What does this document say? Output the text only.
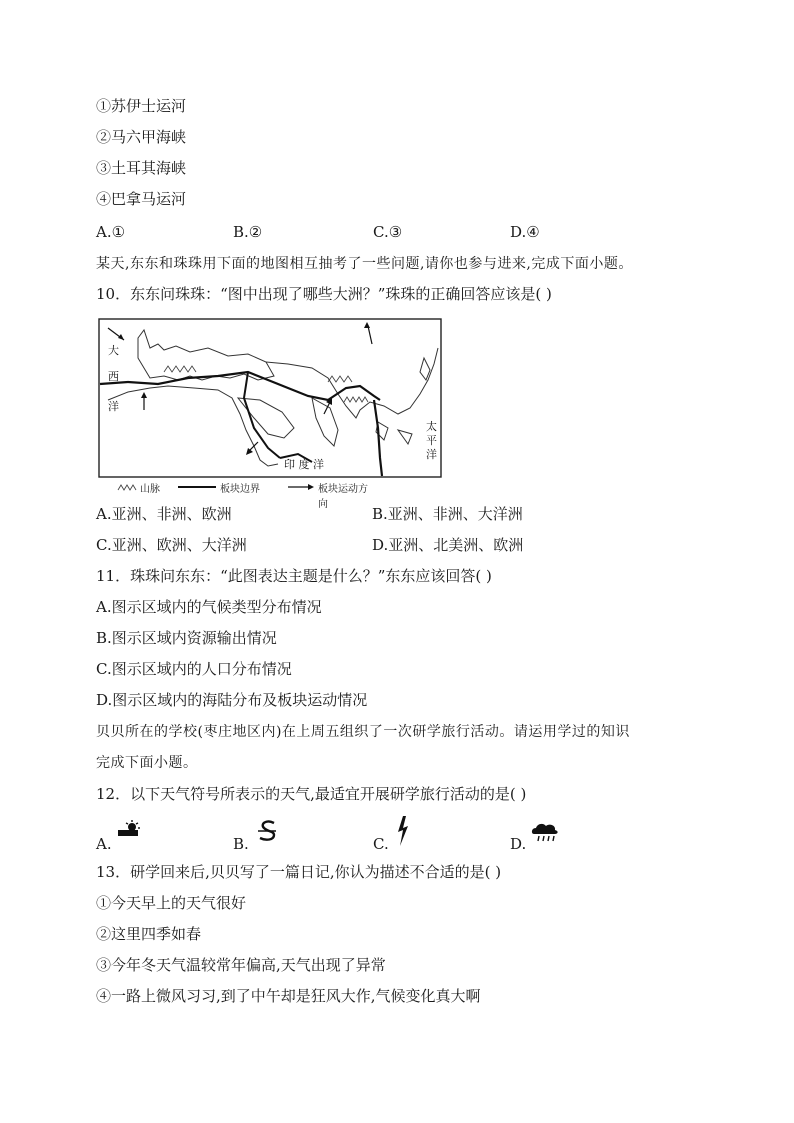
①苏伊士运河
②马六甲海峡
③土耳其海峡
④巴拿马运河
A.①	B.②	C.③	D.④
某天,东东和珠珠用下面的地图相互抽考了一些问题,请你也参与进来,完成下面小题。
10．东东问珠珠：“图中出现了哪些大洲？”珠珠的正确回答应该是( )
大
西
洋
太
平
洋
印 度 洋
山脉	板块边界	板块运动方向
A.亚洲、非洲、欧洲	B.亚洲、非洲、大洋洲
C.亚洲、欧洲、大洋洲	D.亚洲、北美洲、欧洲
11．珠珠问东东：“此图表达主题是什么？”东东应该回答( )
A.图示区域内的气候类型分布情况
B.图示区域内资源输出情况
C.图示区域内的人口分布情况
D.图示区域内的海陆分布及板块运动情况
贝贝所在的学校(枣庄地区内)在上周五组织了一次研学旅行活动。请运用学过的知识
完成下面小题。
12．以下天气符号所表示的天气,最适宜开展研学旅行活动的是( )
A.	B.	C.	D.
13．研学回来后,贝贝写了一篇日记,你认为描述不合适的是( )
①今天早上的天气很好
②这里四季如春
③今年冬天气温较常年偏高,天气出现了异常
④一路上微风习习,到了中午却是狂风大作,气候变化真大啊
